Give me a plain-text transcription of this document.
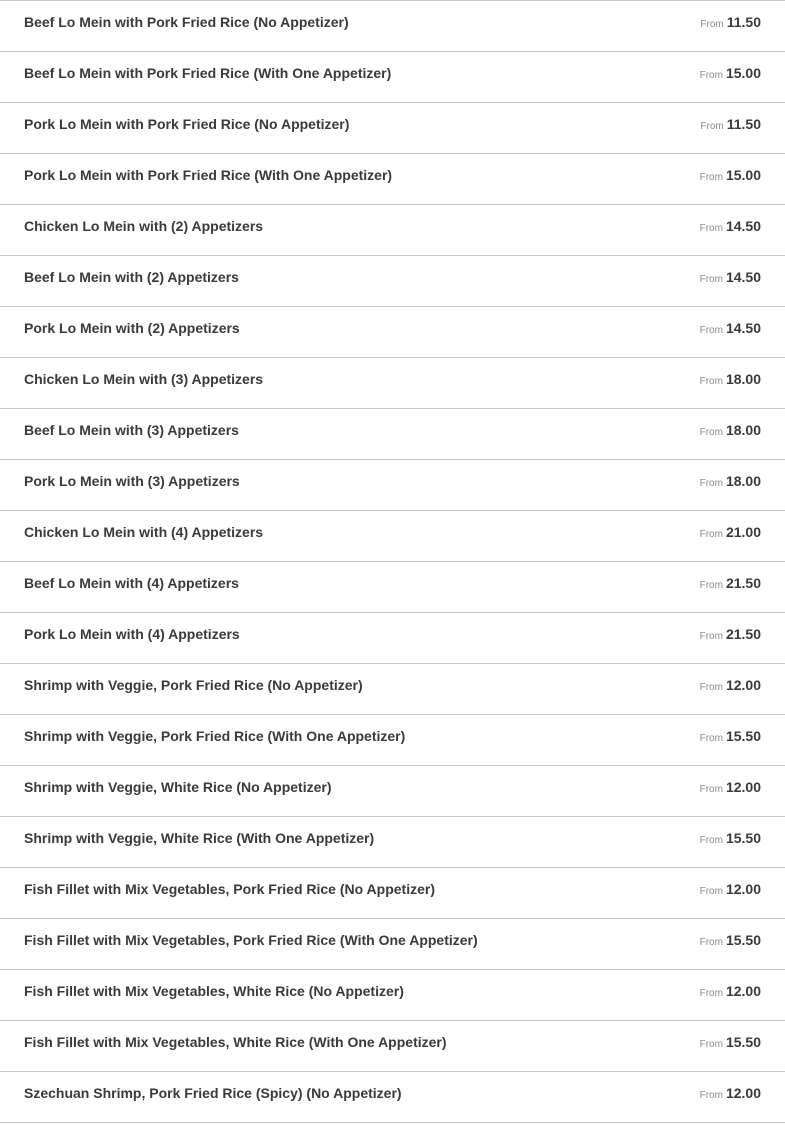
Beef Lo Mein with Pork Fried Rice (No Appetizer)	From 11.50
Beef Lo Mein with Pork Fried Rice (With One Appetizer)	From 15.00
Pork Lo Mein with Pork Fried Rice (No Appetizer)	From 11.50
Pork Lo Mein with Pork Fried Rice (With One Appetizer)	From 15.00
Chicken Lo Mein with (2) Appetizers	From 14.50
Beef Lo Mein with (2) Appetizers	From 14.50
Pork Lo Mein with (2) Appetizers	From 14.50
Chicken Lo Mein with (3) Appetizers	From 18.00
Beef Lo Mein with (3) Appetizers	From 18.00
Pork Lo Mein with (3) Appetizers	From 18.00
Chicken Lo Mein with (4) Appetizers	From 21.00
Beef Lo Mein with (4) Appetizers	From 21.50
Pork Lo Mein with (4) Appetizers	From 21.50
Shrimp with Veggie, Pork Fried Rice (No Appetizer)	From 12.00
Shrimp with Veggie, Pork Fried Rice (With One Appetizer)	From 15.50
Shrimp with Veggie, White Rice (No Appetizer)	From 12.00
Shrimp with Veggie, White Rice (With One Appetizer)	From 15.50
Fish Fillet with Mix Vegetables, Pork Fried Rice (No Appetizer)	From 12.00
Fish Fillet with Mix Vegetables, Pork Fried Rice (With One Appetizer)	From 15.50
Fish Fillet with Mix Vegetables, White Rice (No Appetizer)	From 12.00
Fish Fillet with Mix Vegetables, White Rice (With One Appetizer)	From 15.50
Szechuan Shrimp, Pork Fried Rice (Spicy) (No Appetizer)	From 12.00
